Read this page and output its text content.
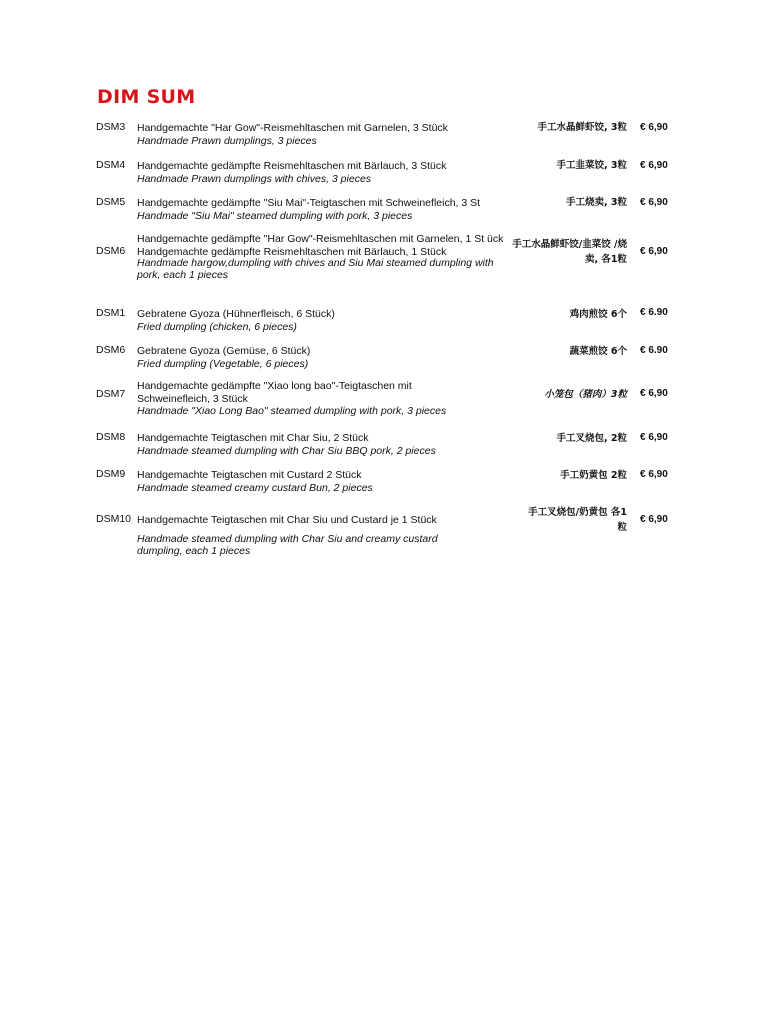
DIM SUM
DSM3 Handgemachte "Har Gow"-Reismehltaschen mit Garnelen, 3 Stück
Handmade Prawn dumplings, 3 pieces
手工水晶鲜虾饺, 3粒 € 6,90
DSM4 Handgemachte gedämpfte Reismehltaschen mit Bärlauch, 3 Stück
Handmade Prawn dumplings with chives, 3 pieces
手工韭菜饺, 3粒 € 6,90
DSM5 Handgemachte gedämpfte "Siu Mai"-Teigtaschen mit Schweinefleich, 3 St
Handmade "Siu Mai" steamed dumpling with pork, 3 pieces
手工烧卖, 3粒 € 6,90
DSM6
Handgemachte gedämpfte "Har Gow"-Reismehltaschen mit Garnelen, 1 St ück
Handgemachte gedämpfte Reismehltaschen mit Bärlauch, 1 Stück
Handmade hargow,dumpling with chives and Siu Mai steamed dumpling with pork, each 1 pieces
手工水晶鲜虾饺/韭菜饺 /烧卖, 各1粒
€ 6,90
DSM1 Gebratene Gyoza (Hühnerfleisch, 6 Stück)
Fried dumpling (chicken, 6 pieces)
鸡肉煎饺 6个 € 6.90
DSM6 Gebratene Gyoza (Gemüse, 6 Stück)
Fried dumpling (Vegetable, 6 pieces)
蔬菜煎饺 6个 € 6.90
DSM7
Handgemachte gedämpfte "Xiao long bao"-Teigtaschen mit Schweinefleich, 3 Stück
Handmade "Xiao Long Bao" steamed dumpling with pork, 3 pieces
小笼包（猪肉）3粒 € 6,90
DSM8 Handgemachte Teigtaschen mit Char Siu, 2 Stück
Handmade steamed dumpling with Char Siu BBQ pork, 2 pieces
手工叉烧包, 2粒 € 6,90
DSM9 Handgemachte Teigtaschen mit Custard 2 Stück
Handmade steamed creamy custard Bun, 2 pieces
手工奶黄包 2粒 € 6,90
DSM10 Handgemachte Teigtaschen mit Char Siu und Custard je 1 Stück
Handmade steamed dumpling with Char Siu and creamy custard dumpling, each 1 pieces
手工叉烧包/奶黄包 各1粒
€ 6,90
